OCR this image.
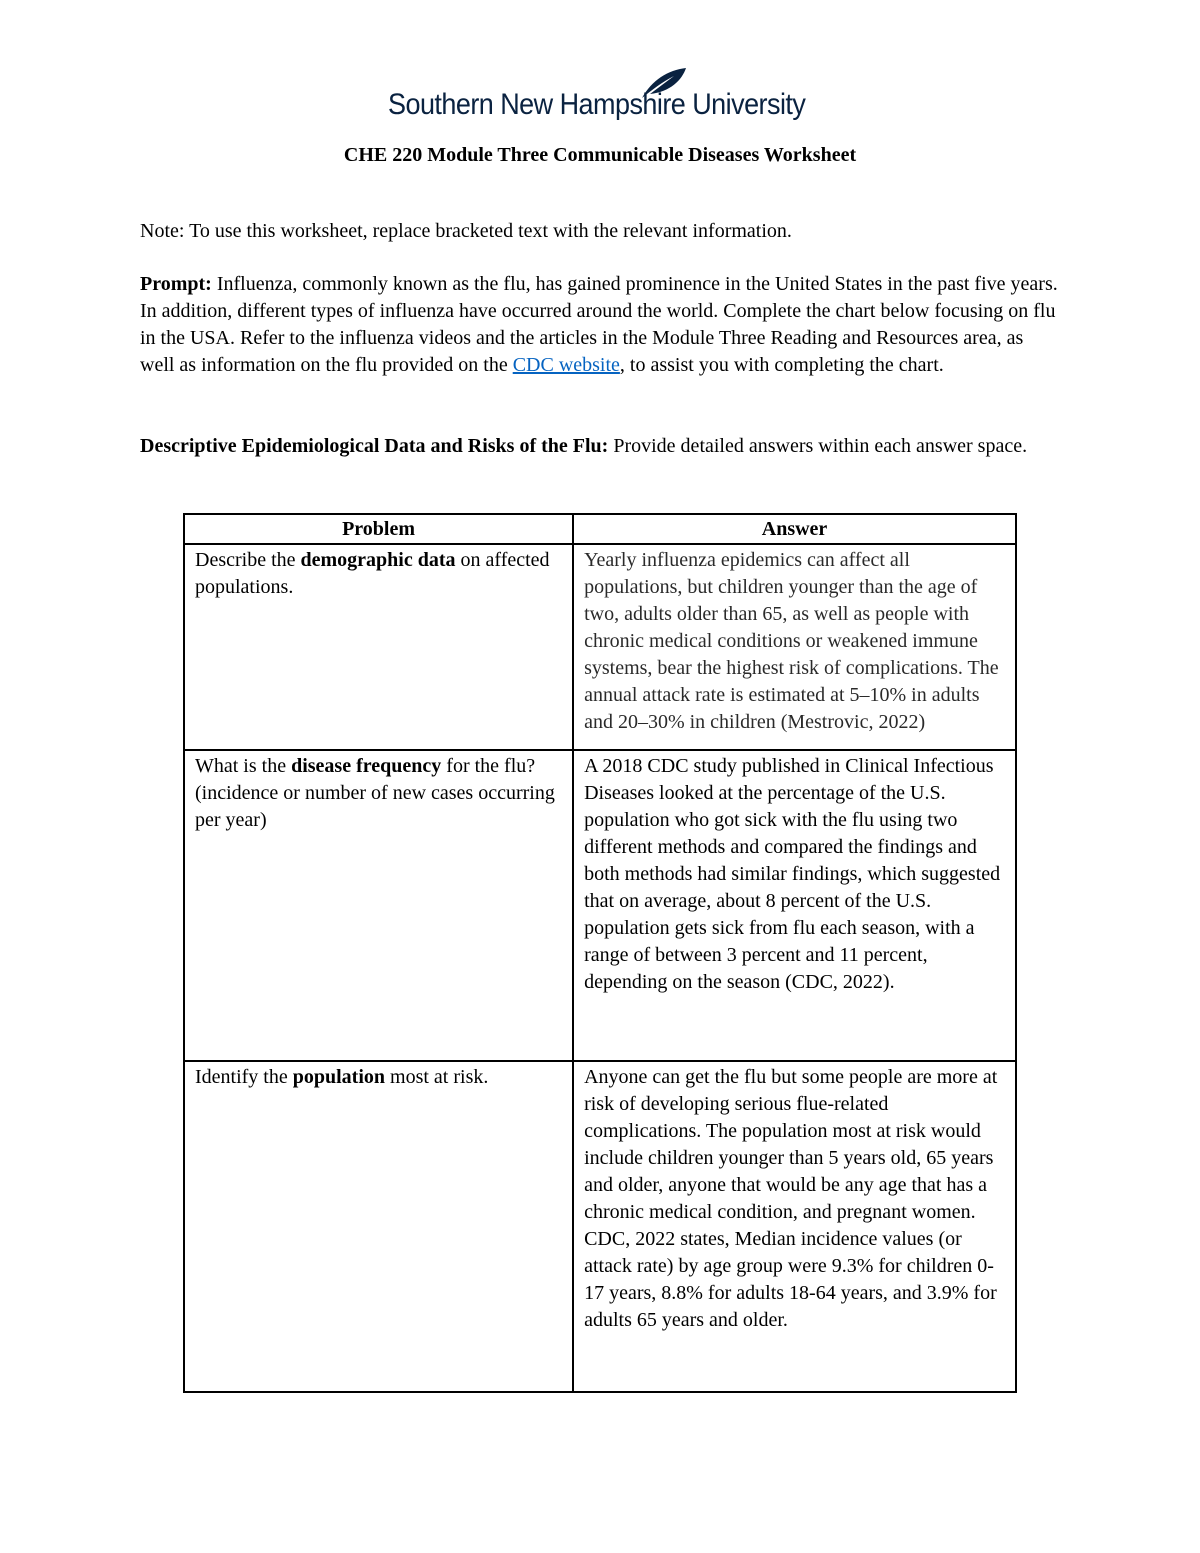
Southern New Hampshire University
CHE 220 Module Three Communicable Diseases Worksheet

Note: To use this worksheet, replace bracketed text with the relevant information.

Prompt: Influenza, commonly known as the flu, has gained prominence in the United States in the past five years. In addition, different types of influenza have occurred around the world. Complete the chart below focusing on flu in the USA. Refer to the influenza videos and the articles in the Module Three Reading and Resources area, as well as information on the flu provided on the CDC website, to assist you with completing the chart.

Descriptive Epidemiological Data and Risks of the Flu: Provide detailed answers within each answer space.

Problem	Answer
Describe the demographic data on affected populations.	Yearly influenza epidemics can affect all populations, but children younger than the age of two, adults older than 65, as well as people with chronic medical conditions or weakened immune systems, bear the highest risk of complications. The annual attack rate is estimated at 5–10% in adults and 20–30% in children (Mestrovic, 2022)
What is the disease frequency for the flu? (incidence or number of new cases occurring per year)	A 2018 CDC study published in Clinical Infectious Diseases looked at the percentage of the U.S. population who got sick with the flu using two different methods and compared the findings and both methods had similar findings, which suggested that on average, about 8 percent of the U.S. population gets sick from flu each season, with a range of between 3 percent and 11 percent, depending on the season (CDC, 2022).
Identify the population most at risk.	Anyone can get the flu but some people are more at risk of developing serious flue-related complications. The population most at risk would include children younger than 5 years old, 65 years and older, anyone that would be any age that has a chronic medical condition, and pregnant women. CDC, 2022 states, Median incidence values (or attack rate) by age group were 9.3% for children 0-17 years, 8.8% for adults 18-64 years, and 3.9% for adults 65 years and older.
